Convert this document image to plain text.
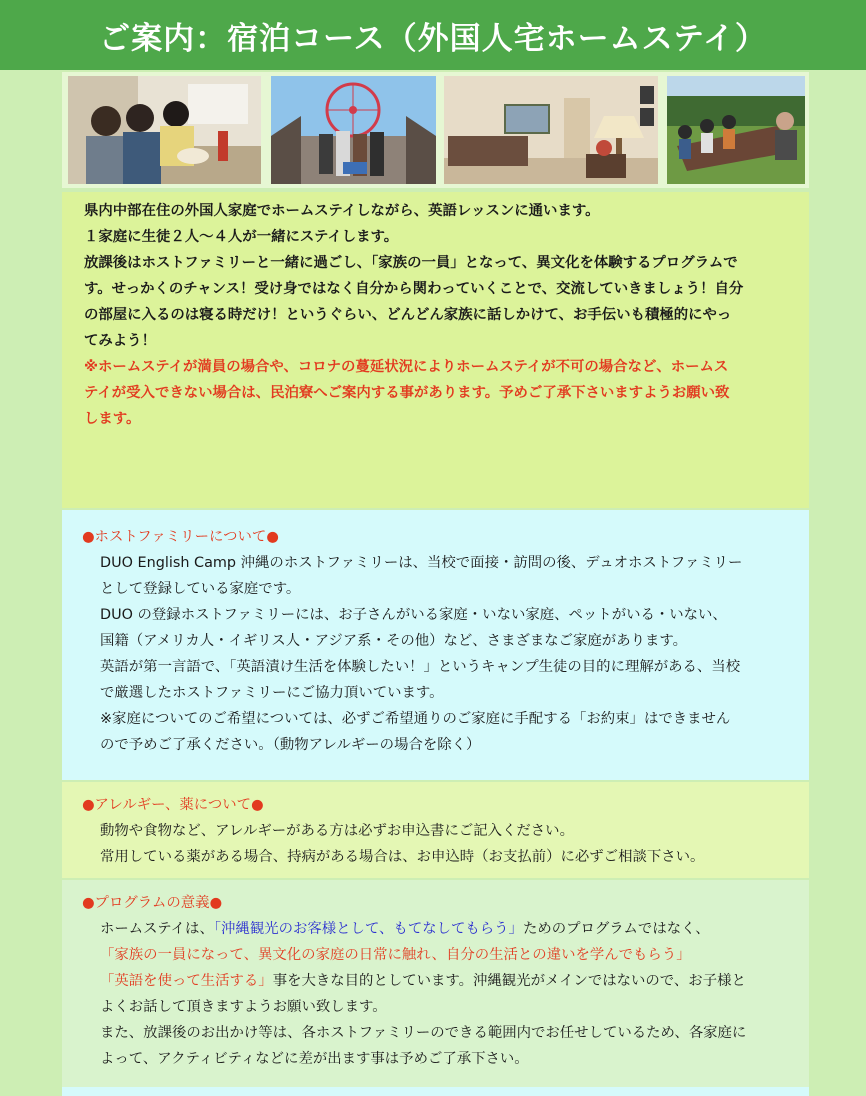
ご案内：宿泊コース（外国人宅ホームステイ）

県内中部在住の外国人家庭でホームステイしながら、英語レッスンに通います。

１家庭に生徒２人～４人が一緒にステイします。

放課後はホストファミリーと一緒に過ごし、「家族の一員」となって、異文化を体験するプログラムで

す。せっかくのチャンス！受け身ではなく自分から関わっていくことで、交流していきましょう！自分

の部屋に入るのは寝る時だけ！というぐらい、どんどん家族に話しかけて、お手伝いも積極的にやっ

てみよう！

※ホームステイが満員の場合や、コロナの蔓延状況によりホームステイが不可の場合など、ホームス

テイが受入できない場合は、民泊寮へご案内する事があります。予めご了承下さいますようお願い致

します。

●ホストファミリーについて●

DUO English Camp 沖縄のホストファミリーは、当校で面接・訪問の後、デュオホストファミリー

として登録している家庭です。

DUO の登録ホストファミリーには、お子さんがいる家庭・いない家庭、ペットがいる・いない、

国籍（アメリカ人・イギリス人・アジア系・その他）など、さまざまなご家庭があります。

英語が第一言語で、「英語漬け生活を体験したい！」というキャンプ生徒の目的に理解がある、当校

で厳選したホストファミリーにご協力頂いています。

※家庭についてのご希望については、必ずご希望通りのご家庭に手配する「お約束」はできません

ので予めご了承ください。（動物アレルギーの場合を除く）

●アレルギー、薬について●

動物や食物など、アレルギーがある方は必ずお申込書にご記入ください。

常用している薬がある場合、持病がある場合は、お申込時（お支払前）に必ずご相談下さい。

●プログラムの意義●

ホームステイは、「沖縄観光のお客様として、もてなしてもらう」ためのプログラムではなく、

「家族の一員になって、異文化の家庭の日常に触れ、自分の生活との違いを学んでもらう」

「英語を使って生活する」事を大きな目的としています。沖縄観光がメインではないので、お子様と

よくお話して頂きますようお願い致します。

また、放課後のお出かけ等は、各ホストファミリーのできる範囲内でお任せしているため、各家庭に

よって、アクティビティなどに差が出ます事は予めご了承下さい。
